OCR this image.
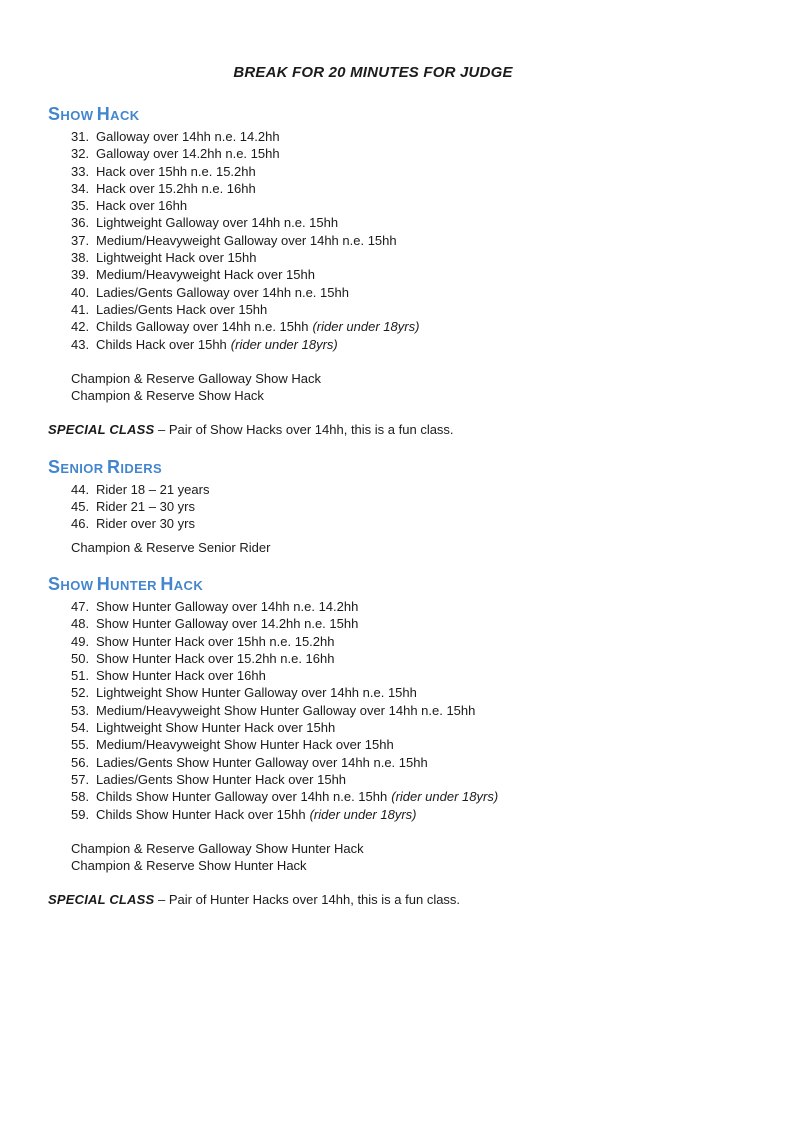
BREAK FOR 20 MINUTES FOR JUDGE
Show Hack
31. Galloway over 14hh n.e. 14.2hh
32. Galloway over 14.2hh n.e. 15hh
33. Hack over 15hh n.e. 15.2hh
34. Hack over 15.2hh n.e. 16hh
35. Hack over 16hh
36. Lightweight Galloway over 14hh n.e. 15hh
37. Medium/Heavyweight Galloway over 14hh n.e. 15hh
38. Lightweight Hack over 15hh
39. Medium/Heavyweight Hack over 15hh
40. Ladies/Gents Galloway over 14hh n.e. 15hh
41. Ladies/Gents Hack over 15hh
42. Childs Galloway over 14hh n.e. 15hh (rider under 18yrs)
43. Childs Hack over 15hh (rider under 18yrs)
Champion & Reserve Galloway Show Hack
Champion & Reserve Show Hack
SPECIAL CLASS – Pair of Show Hacks over 14hh, this is a fun class.
Senior Riders
44. Rider 18 – 21 years
45. Rider 21 – 30 yrs
46. Rider over 30 yrs
Champion & Reserve Senior Rider
Show Hunter Hack
47. Show Hunter Galloway over 14hh n.e. 14.2hh
48. Show Hunter Galloway over 14.2hh n.e. 15hh
49. Show Hunter Hack over 15hh n.e. 15.2hh
50. Show Hunter Hack over 15.2hh n.e. 16hh
51. Show Hunter Hack over 16hh
52. Lightweight Show Hunter Galloway over 14hh n.e. 15hh
53. Medium/Heavyweight Show Hunter Galloway over 14hh n.e. 15hh
54. Lightweight Show Hunter Hack over 15hh
55. Medium/Heavyweight Show Hunter Hack over 15hh
56. Ladies/Gents Show Hunter Galloway over 14hh n.e. 15hh
57. Ladies/Gents Show Hunter Hack over 15hh
58. Childs Show Hunter Galloway over 14hh n.e. 15hh (rider under 18yrs)
59. Childs Show Hunter Hack over 15hh (rider under 18yrs)
Champion & Reserve Galloway Show Hunter Hack
Champion & Reserve Show Hunter Hack
SPECIAL CLASS – Pair of Hunter Hacks over 14hh, this is a fun class.
